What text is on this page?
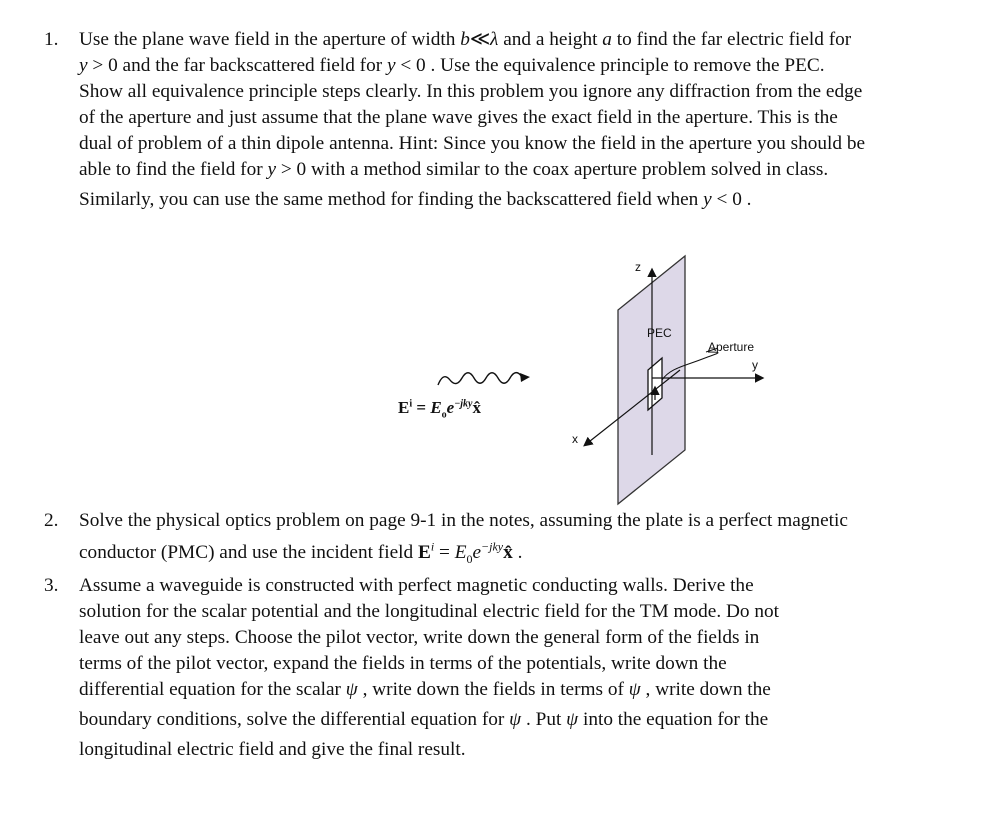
1. Use the plane wave field in the aperture of width b≪λ and a height a to find the far electric field for
y > 0 and the far backscattered field for y < 0 . Use the equivalence principle to remove the PEC.
Show all equivalence principle steps clearly. In this problem you ignore any diffraction from the edge
of the aperture and just assume that the plane wave gives the exact field in the aperture. This is the
dual of problem of a thin dipole antenna. Hint: Since you know the field in the aperture you should be
able to find the field for y > 0 with a method similar to the coax aperture problem solved in class.
Similarly, you can use the same method for finding the backscattered field when y < 0 .
z
x
y
PEC
Aperture
$E^i$ = $E_oe^{-jky}x̂$
2. Solve the physical optics problem on page 9-1 in the notes, assuming the plate is a perfect magnetic
conductor (PMC) and use the incident field $E^i$ = $E_0e^{-jky}x̂$ .
3. Assume a waveguide is constructed with perfect magnetic conducting walls. Derive the
solution for the scalar potential and the longitudinal electric field for the TM mode. Do not
leave out any steps. Choose the pilot vector, write down the general form of the fields in
terms of the pilot vector, expand the fields in terms of the potentials, write down the
differential equation for the scalar ψ , write down the fields in terms of ψ , write down the
boundary conditions, solve the differential equation for ψ . Put ψ into the equation for the
longitudinal electric field and give the final result.
